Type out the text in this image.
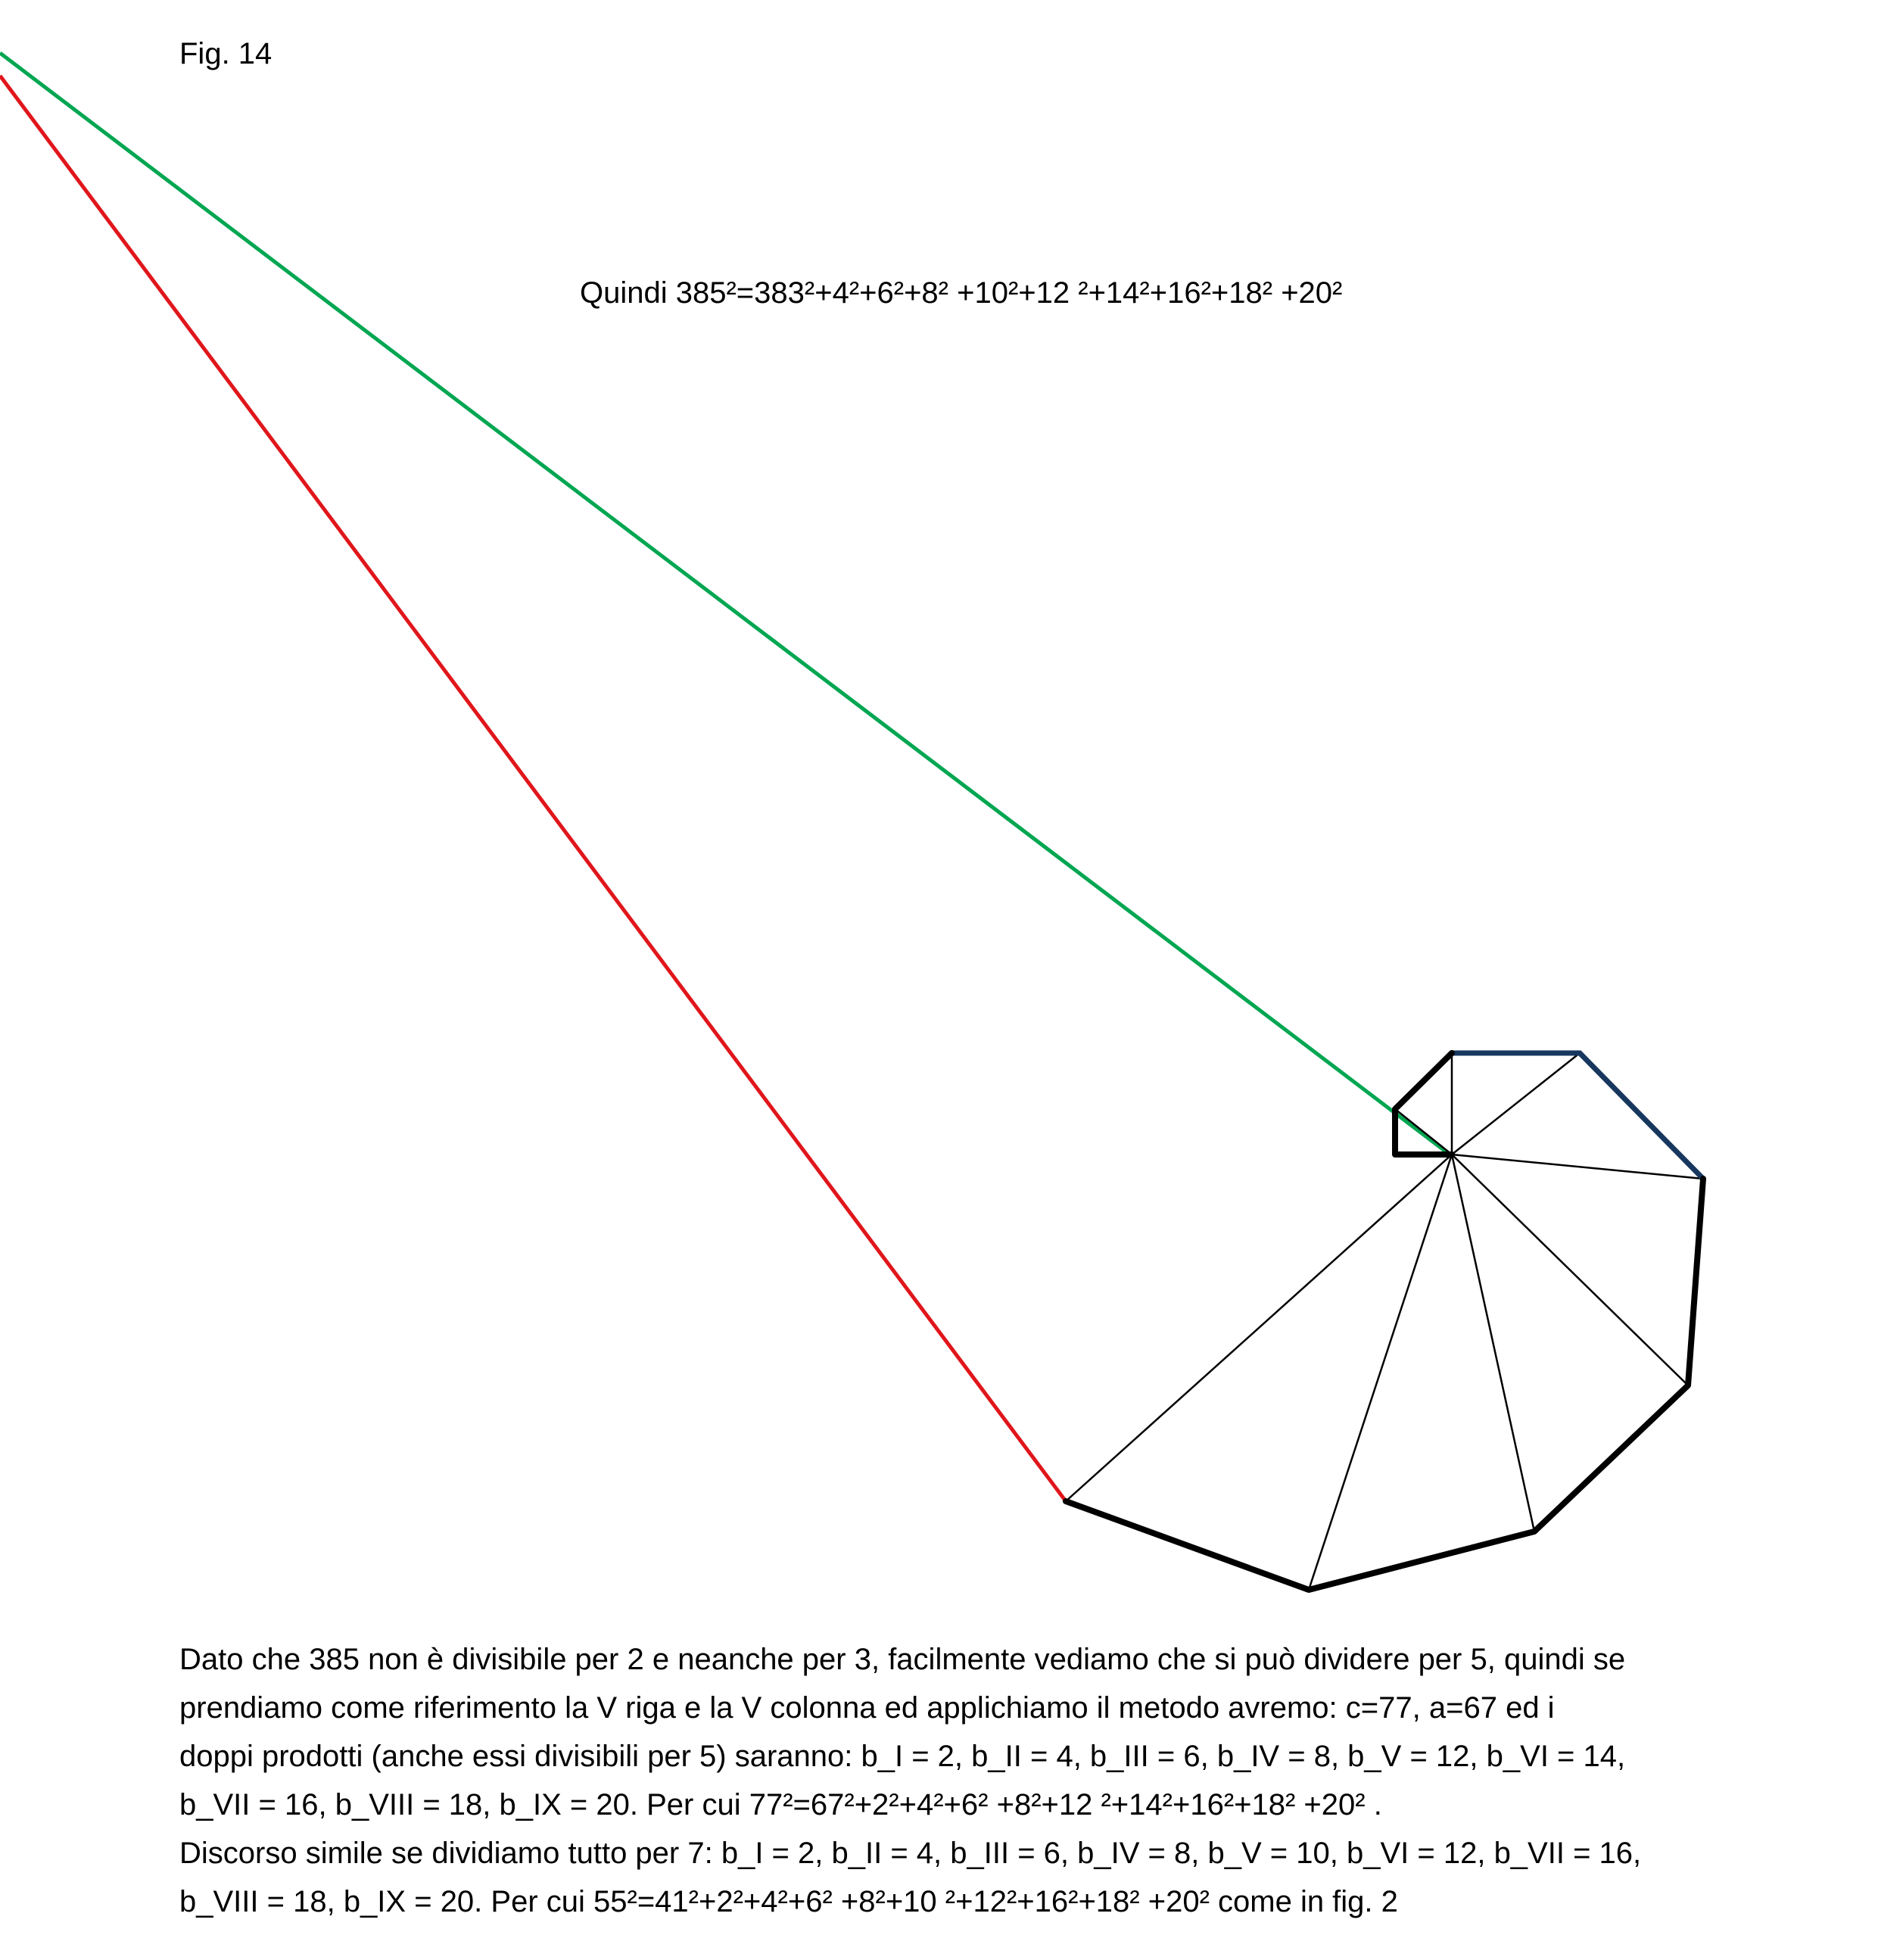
Fig. 14
Quindi 385²=383²+4²+6²+8² +10²+12 ²+14²+16²+18² +20²

Dato che 385 non è divisibile per 2 e neanche per 3, facilmente vediamo che si può dividere per 5, quindi se

prendiamo come riferimento la V riga e la V colonna ed applichiamo il metodo avremo: c=77, a=67 ed i

doppi prodotti (anche essi divisibili per 5) saranno: b_I = 2, b_II = 4, b_III = 6, b_IV = 8, b_V = 12, b_VI = 14,

b_VII = 16, b_VIII = 18, b_IX = 20. Per cui 77²=67²+2²+4²+6² +8²+12 ²+14²+16²+18² +20² .

Discorso simile se dividiamo tutto per 7: b_I = 2, b_II = 4, b_III = 6, b_IV = 8, b_V = 10, b_VI = 12, b_VII = 16,

b_VIII = 18, b_IX = 20. Per cui 55²=41²+2²+4²+6² +8²+10 ²+12²+16²+18² +20² come in fig. 2
